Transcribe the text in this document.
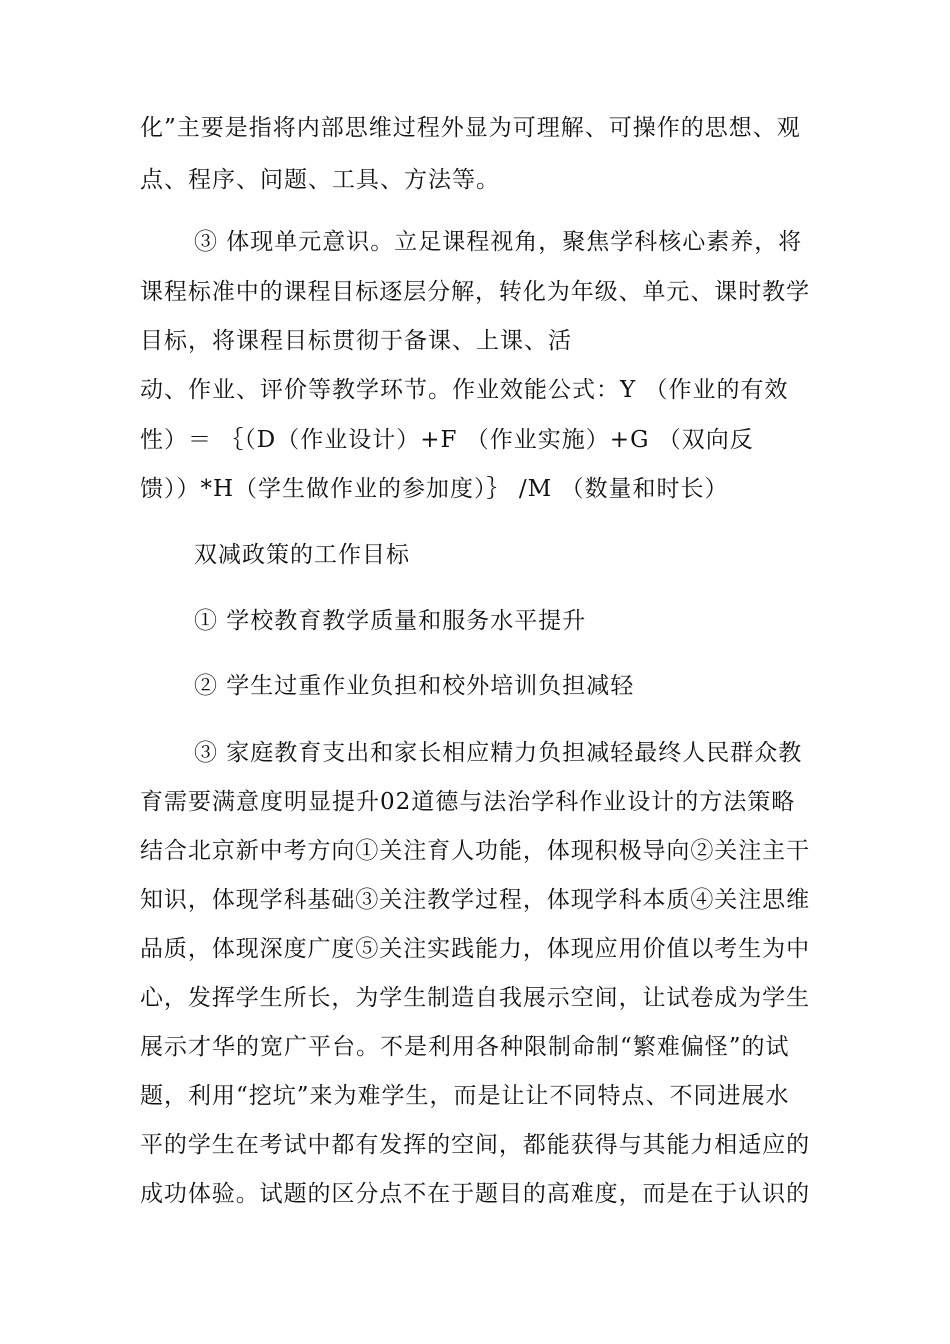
化”主要是指将内部思维过程外显为可理解、可操作的思想、观
点、程序、问题、工具、方法等。
③ 体现单元意识。立足课程视角，聚焦学科核心素养，将
课程标准中的课程目标逐层分解，转化为年级、单元、课时教学
目标，将课程目标贯彻于备课、上课、活
动、作业、评价等教学环节。作业效能公式：Y （作业的有效
性）＝ ｛（D（作业设计）+F （作业实施）+G （双向反
馈））*H（学生做作业的参加度）｝ /M （数量和时长）
双减政策的工作目标
① 学校教育教学质量和服务水平提升
② 学生过重作业负担和校外培训负担减轻
③ 家庭教育支出和家长相应精力负担减轻最终人民群众教
育需要满意度明显提升02道德与法治学科作业设计的方法策略
结合北京新中考方向①关注育人功能，体现积极导向②关注主干
知识，体现学科基础③关注教学过程，体现学科本质④关注思维
品质，体现深度广度⑤关注实践能力，体现应用价值以考生为中
心，发挥学生所长，为学生制造自我展示空间，让试卷成为学生
展示才华的宽广平台。不是利用各种限制命制“繁难偏怪”的试
题，利用“挖坑”来为难学生，而是让让不同特点、不同进展水
平的学生在考试中都有发挥的空间，都能获得与其能力相适应的
成功体验。试题的区分点不在于题目的高难度，而是在于认识的
